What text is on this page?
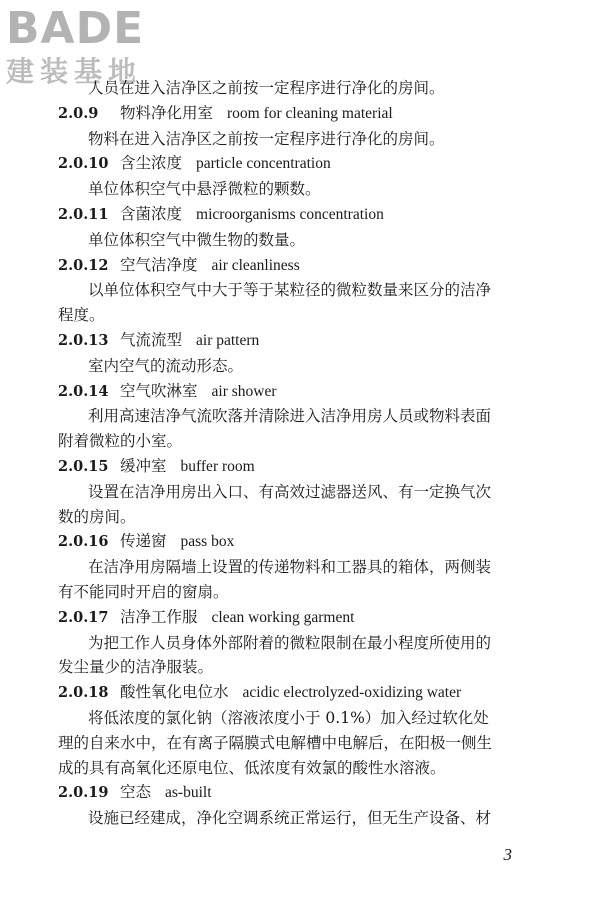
BADE
建装基地
人员在进入洁净区之前按一定程序进行净化的房间。
2.0.9 物料净化用室 room for cleaning material
物料在进入洁净区之前按一定程序进行净化的房间。
2.0.10 含尘浓度 particle concentration
单位体积空气中悬浮微粒的颗数。
2.0.11 含菌浓度 microorganisms concentration
单位体积空气中微生物的数量。
2.0.12 空气洁净度 air cleanliness
以单位体积空气中大于等于某粒径的微粒数量来区分的洁净
程度。
2.0.13 气流流型 air pattern
室内空气的流动形态。
2.0.14 空气吹淋室 air shower
利用高速洁净气流吹落并清除进入洁净用房人员或物料表面
附着微粒的小室。
2.0.15 缓冲室 buffer room
设置在洁净用房出入口、有高效过滤器送风、有一定换气次
数的房间。
2.0.16 传递窗 pass box
在洁净用房隔墙上设置的传递物料和工器具的箱体，两侧装
有不能同时开启的窗扇。
2.0.17 洁净工作服 clean working garment
为把工作人员身体外部附着的微粒限制在最小程度所使用的
发尘量少的洁净服装。
2.0.18 酸性氧化电位水 acidic electrolyzed-oxidizing water
将低浓度的氯化钠（溶液浓度小于 0.1%）加入经过软化处
理的自来水中，在有离子隔膜式电解槽中电解后，在阳极一侧生
成的具有高氧化还原电位、低浓度有效氯的酸性水溶液。
2.0.19 空态 as-built
设施已经建成，净化空调系统正常运行，但无生产设备、材
3
